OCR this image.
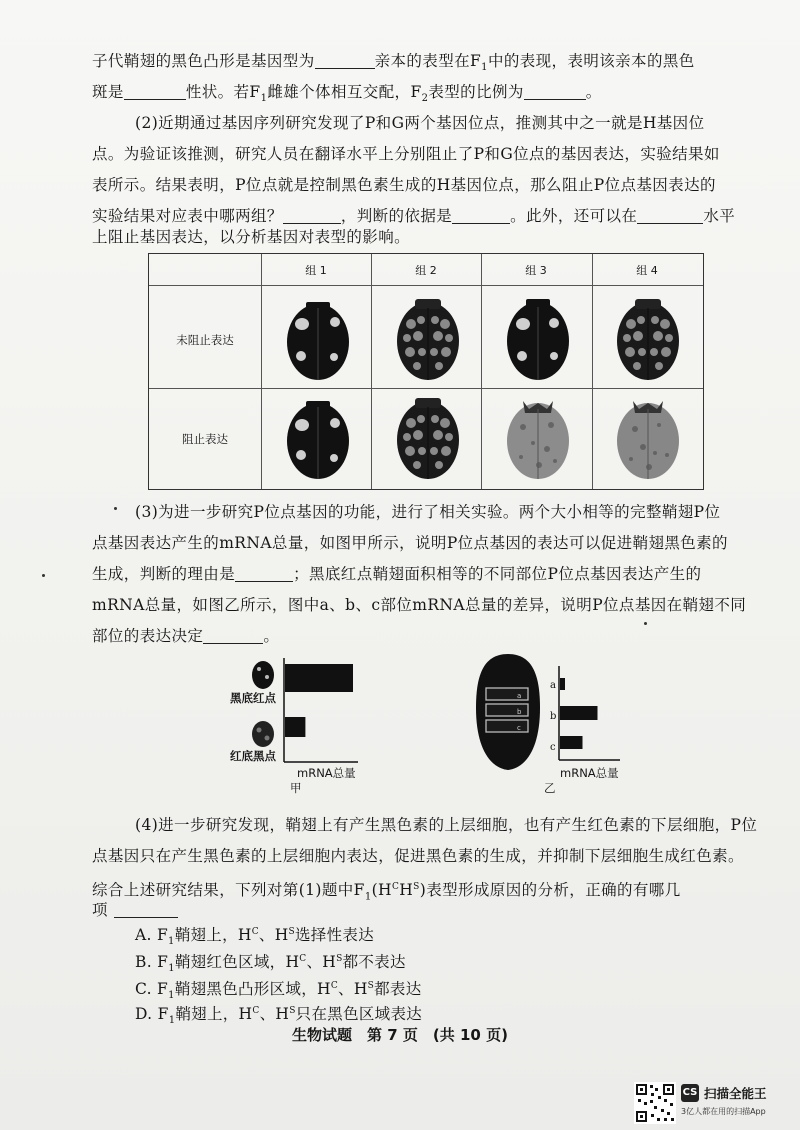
子代鞘翅的黑色凸形是基因型为	亲本的表型在$F_1$中的表现，表明该亲本的黑色
斑是	性状。若$F_1$雌雄个体相互交配，$F_2$表型的比例为	。
(2)近期通过基因序列研究发现了P和G两个基因位点，推测其中之一就是H基因位
点。为验证该推测，研究人员在翻译水平上分别阻止了P和G位点的基因表达，实验结果如
表所示。结果表明，P位点就是控制黑色素生成的H基因位点，那么阻止P位点基因表达的
实验结果对应表中哪两组？	，判断的依据是	。此外，还可以在	水平
上阻止基因表达，以分析基因对表型的影响。
组 1	组 2	组 3	组 4
未阻止表达
阻止表达
(3)为进一步研究P位点基因的功能，进行了相关实验。两个大小相等的完整鞘翅P位
点基因表达产生的mRNA总量，如图甲所示，说明P位点基因的表达可以促进鞘翅黑色素的
生成，判断的理由是	；黑底红点鞘翅面积相等的不同部位P位点基因表达产生的
mRNA总量，如图乙所示，图中a、b、c部位mRNA总量的差异，说明P位点基因在鞘翅不同
部位的表达决定	。
黑底红点
红底黑点
mRNA总量
甲
a
b
c
a
b
c
mRNA总量
乙
(4)进一步研究发现，鞘翅上有产生黑色素的上层细胞，也有产生红色素的下层细胞，P位
点基因只在产生黑色素的上层细胞内表达，促进黑色素的生成，并抑制下层细胞生成红色素。
综合上述研究结果，下列对第(1)题中$F_1(H^CH^S)$表型形成原因的分析，正确的有哪几
项
A. $F_1$鞘翅上，$H^C$、$H^S$选择性表达
B. $F_1$鞘翅红色区域，$H^C$、$H^S$都不表达
C. $F_1$鞘翅黑色凸形区域，$H^C$、$H^S$都表达
D. $F_1$鞘翅上，$H^C$、$H^S$只在黑色区域表达
生物试题　第 7 页　(共 10 页)
CS 扫描全能王
3亿人都在用的扫描App
